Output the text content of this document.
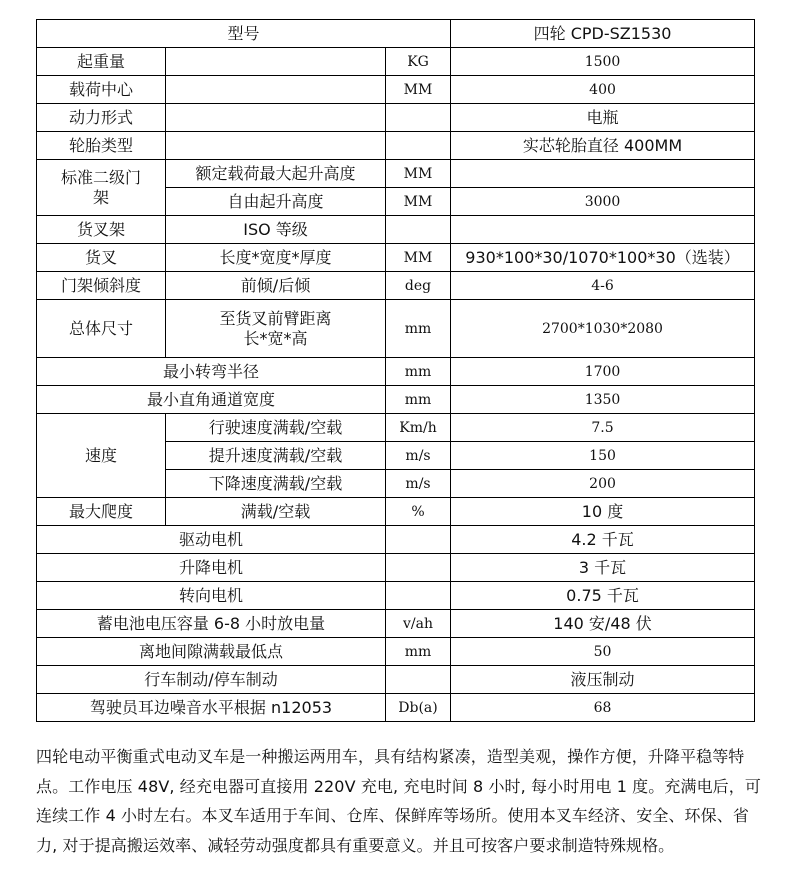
型号			四轮 CPD-SZ1530
起重量		KG	1500
载荷中心		MM	400
动力形式			电瓶
轮胎类型			实芯轮胎直径 400MM
标准二级门
架	额定载荷最大起升高度	MM	
	自由起升高度	MM	3000
货叉架	ISO 等级		
货叉	长度*宽度*厚度	MM	930*100*30/1070*100*30（选装）
门架倾斜度	前倾/后倾	deg	4-6
总体尺寸	至货叉前臂距离
长*宽*高	mm	2700*1030*2080
最小转弯半径		mm	1700
最小直角通道宽度		mm	1350
速度	行驶速度满载/空载	Km/h	7.5
	提升速度满载/空载	m/s	150
	下降速度满载/空载	m/s	200
最大爬度	满载/空载	%	10 度
驱动电机			4.2 千瓦
升降电机			3 千瓦
转向电机			0.75 千瓦
蓄电池电压容量 6-8 小时放电量		v/ah	140 安/48 伏
离地间隙满载最低点		mm	50
行车制动/停车制动			液压制动
驾驶员耳边噪音水平根据 n12053		Db(a)	68

四轮电动平衡重式电动叉车是一种搬运两用车，具有结构紧凑，造型美观，操作方便，升降平稳等特点。工作电压 48V, 经充电器可直接用 220V 充电, 充电时间 8 小时, 每小时用电 1 度。充满电后，可连续工作 4 小时左右。本叉车适用于车间、仓库、保鲜库等场所。使用本叉车经济、安全、环保、省力, 对于提高搬运效率、减轻劳动强度都具有重要意义。并且可按客户要求制造特殊规格。
